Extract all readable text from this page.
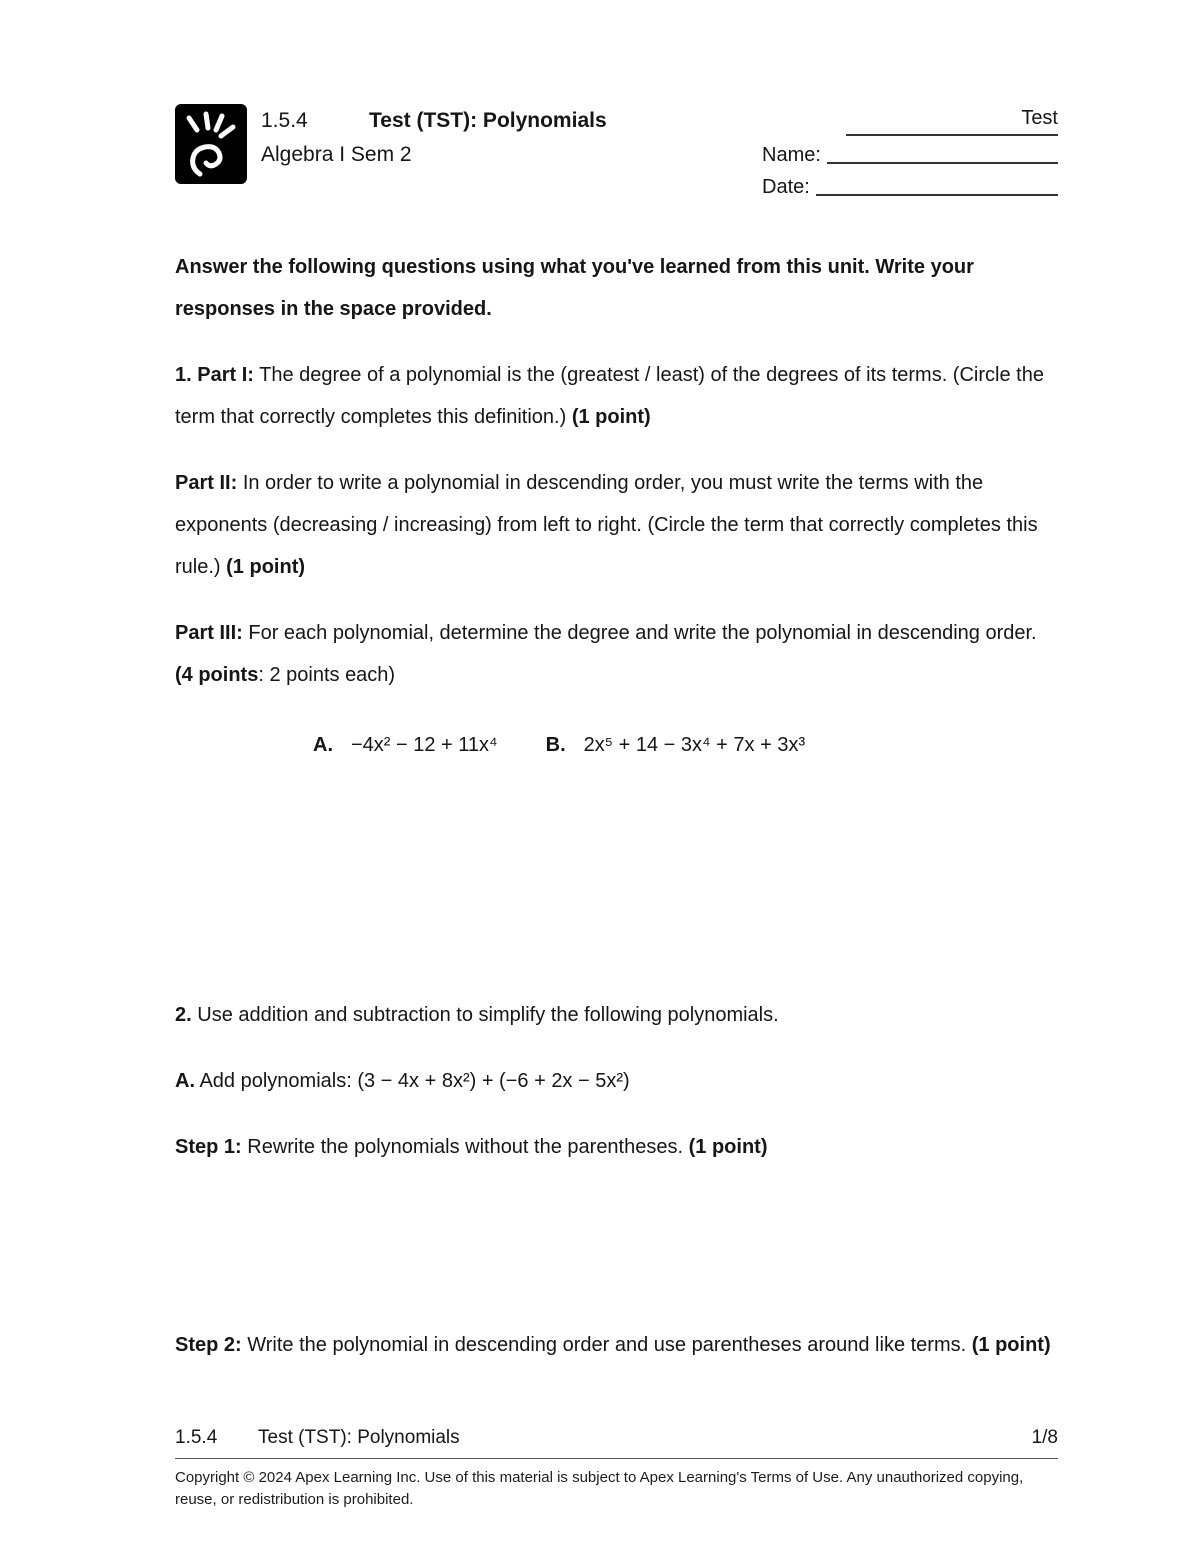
1.5.4	Test (TST): Polynomials
Algebra I Sem 2
Test
Name:
Date:

Answer the following questions using what you've learned from this unit. Write your responses in the space provided.

1. Part I: The degree of a polynomial is the (greatest / least) of the degrees of its terms. (Circle the term that correctly completes this definition.) (1 point)

Part II: In order to write a polynomial in descending order, you must write the terms with the exponents (decreasing / increasing) from left to right. (Circle the term that correctly completes this rule.) (1 point)

Part III: For each polynomial, determine the degree and write the polynomial in descending order. (4 points: 2 points each)

A. −4x² − 12 + 11x⁴ B. 2x⁵ + 14 − 3x⁴ + 7x + 3x³

2. Use addition and subtraction to simplify the following polynomials.

A. Add polynomials: (3 − 4x + 8x²) + (−6 + 2x − 5x²)

Step 1: Rewrite the polynomials without the parentheses. (1 point)

Step 2: Write the polynomial in descending order and use parentheses around like terms. (1 point)

1.5.4 Test (TST): Polynomials	1/8
Copyright © 2024 Apex Learning Inc. Use of this material is subject to Apex Learning's Terms of Use. Any unauthorized copying, reuse, or redistribution is prohibited.
